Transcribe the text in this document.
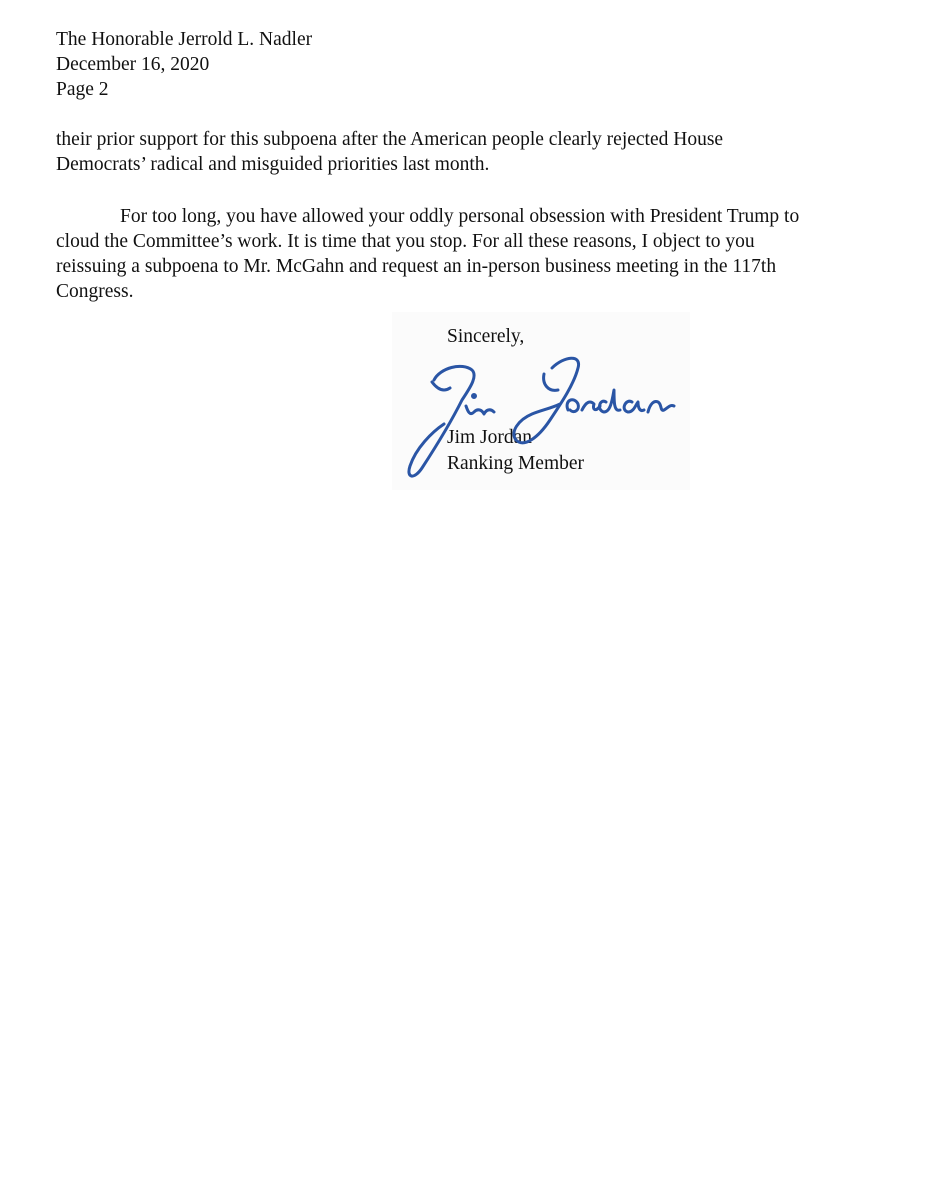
The Honorable Jerrold L. Nadler
December 16, 2020
Page 2
their prior support for this subpoena after the American people clearly rejected House
Democrats’ radical and misguided priorities last month.
For too long, you have allowed your oddly personal obsession with President Trump to
cloud the Committee’s work. It is time that you stop. For all these reasons, I object to you
reissuing a subpoena to Mr. McGahn and request an in-person business meeting in the 117th
Congress.
Sincerely,
Jim Jordan
Ranking Member
